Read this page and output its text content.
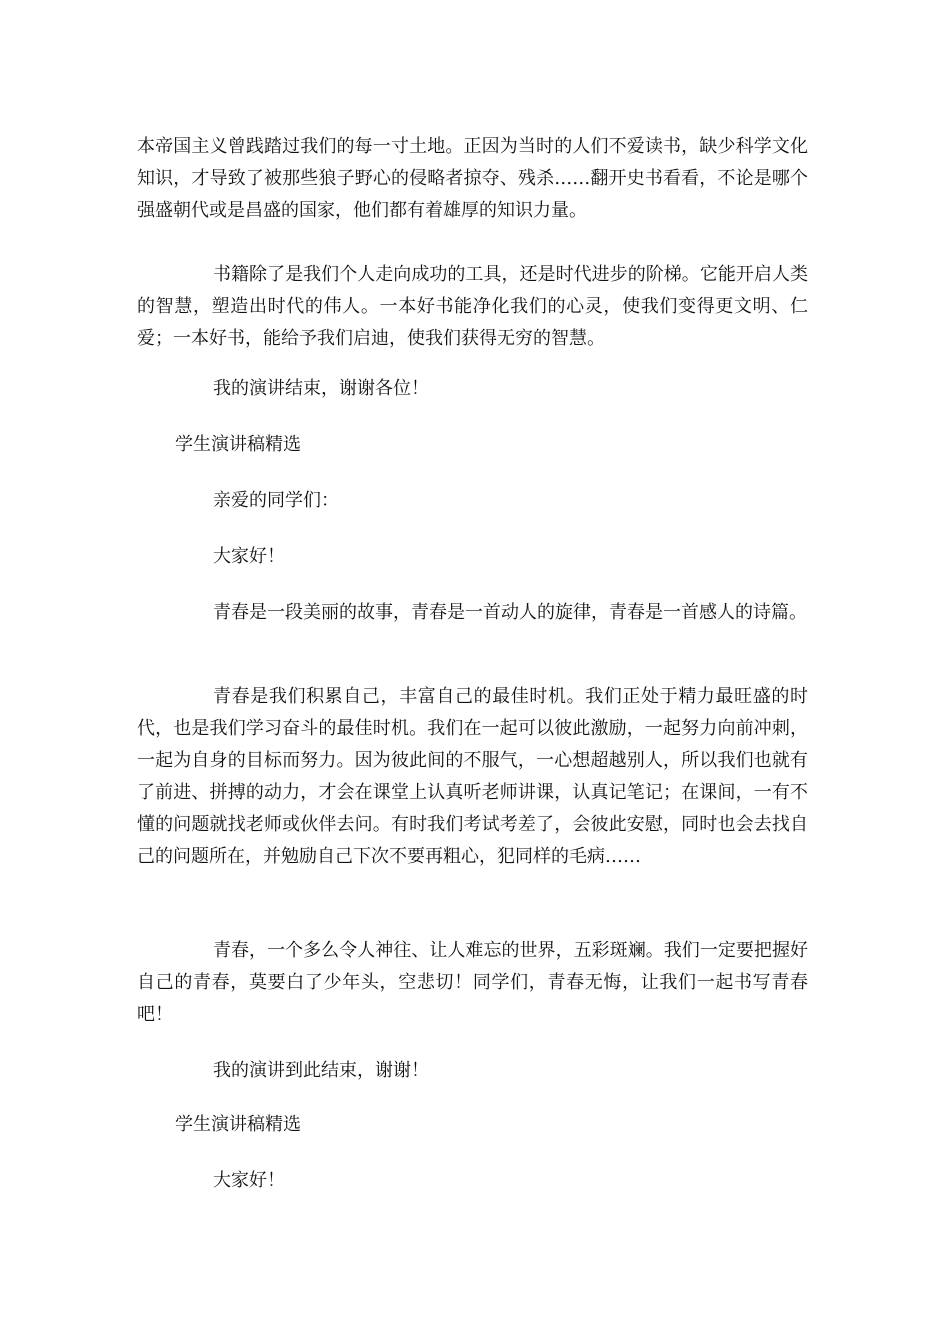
本帝国主义曾践踏过我们的每一寸土地。正因为当时的人们不爱读书，缺少科学文化知识，才导致了被那些狼子野心的侵略者掠夺、残杀……翻开史书看看，不论是哪个强盛朝代或是昌盛的国家，他们都有着雄厚的知识力量。

书籍除了是我们个人走向成功的工具，还是时代进步的阶梯。它能开启人类的智慧，塑造出时代的伟人。一本好书能净化我们的心灵，使我们变得更文明、仁爱；一本好书，能给予我们启迪，使我们获得无穷的智慧。

我的演讲结束，谢谢各位！

学生演讲稿精选

亲爱的同学们：

大家好！

青春是一段美丽的故事，青春是一首动人的旋律，青春是一首感人的诗篇。

青春是我们积累自己，丰富自己的最佳时机。我们正处于精力最旺盛的时代，也是我们学习奋斗的最佳时机。我们在一起可以彼此激励，一起努力向前冲刺，一起为自身的目标而努力。因为彼此间的不服气，一心想超越别人，所以我们也就有了前进、拼搏的动力，才会在课堂上认真听老师讲课，认真记笔记；在课间，一有不懂的问题就找老师或伙伴去问。有时我们考试考差了，会彼此安慰，同时也会去找自己的问题所在，并勉励自己下次不要再粗心，犯同样的毛病……

青春，一个多么令人神往、让人难忘的世界，五彩斑斓。我们一定要把握好自己的青春，莫要白了少年头，空悲切！同学们，青春无悔，让我们一起书写青春吧！

我的演讲到此结束，谢谢！

学生演讲稿精选

大家好！
